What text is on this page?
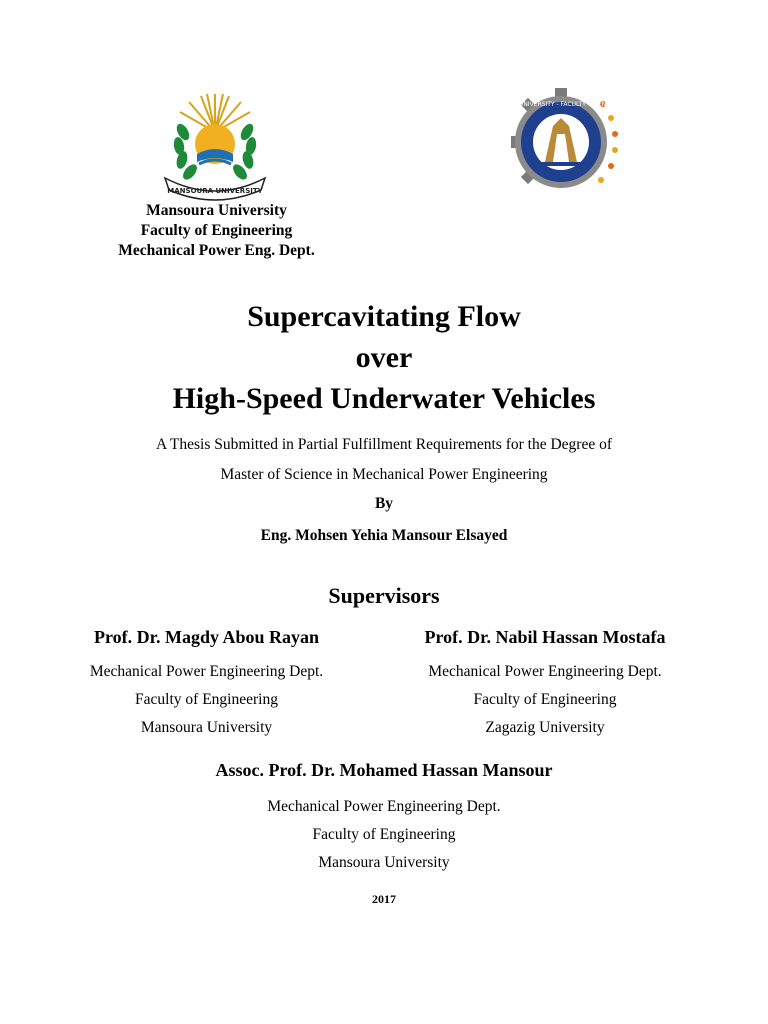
MANSOURA UNIVERSITY
MANSOURA UNIVERSITY - FACULTY OF ENGINEERING
Mansoura University
Faculty of Engineering
Mechanical Power Eng. Dept.
Supercavitating Flow
over
High-Speed Underwater Vehicles
A Thesis Submitted in Partial Fulfillment Requirements for the Degree of
Master of Science in Mechanical Power Engineering
By
Eng. Mohsen Yehia Mansour Elsayed
Supervisors
Prof. Dr. Magdy Abou Rayan
Mechanical Power Engineering Dept.
Faculty of Engineering
Mansoura University
Prof. Dr. Nabil Hassan Mostafa
Mechanical Power Engineering Dept.
Faculty of Engineering
Zagazig University
Assoc. Prof. Dr. Mohamed Hassan Mansour
Mechanical Power Engineering Dept.
Faculty of Engineering
Mansoura University
2017
